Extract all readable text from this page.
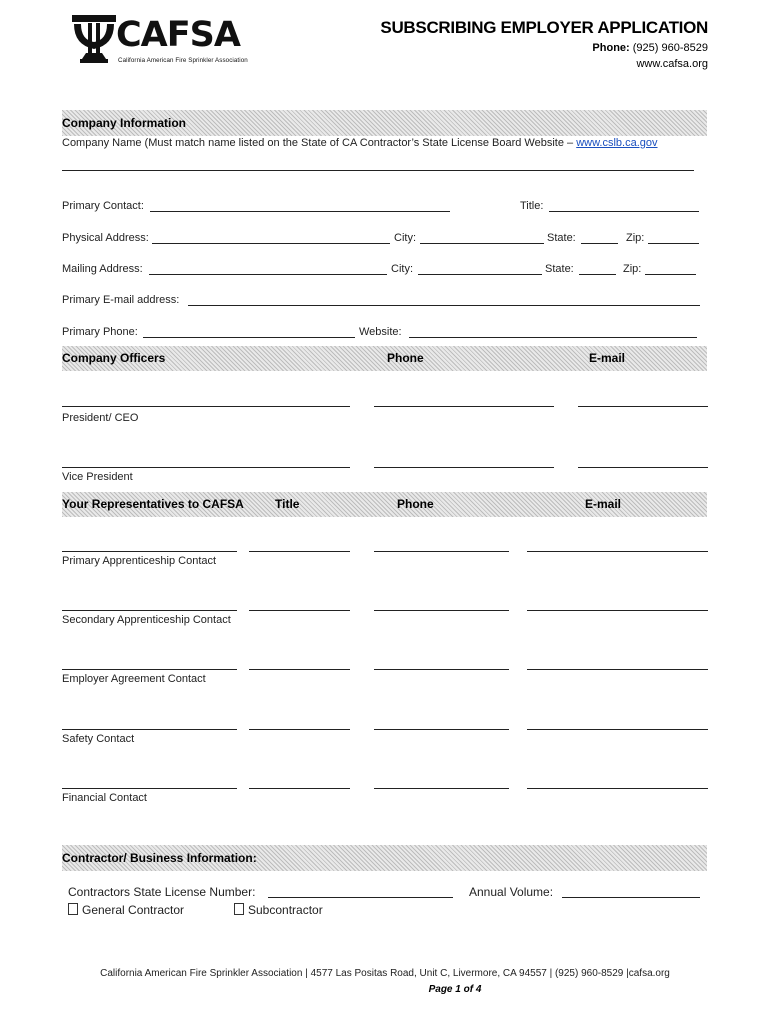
CAFSA
California American Fire Sprinkler Association
SUBSCRIBING EMPLOYER APPLICATION
Phone: (925) 960-8529
www.cafsa.org
Company Information
Company Name (Must match name listed on the State of CA Contractor’s State License Board Website – www.cslb.ca.gov
Primary Contact:	Title:
Physical Address:	City:	State:	Zip:
Mailing Address:	City:	State:	Zip:
Primary E-mail address:
Primary Phone:	Website:
Company Officers	Phone	E-mail
President/ CEO
Vice President
Your Representatives to CAFSA	Title	Phone	E-mail
Primary Apprenticeship Contact
Secondary Apprenticeship Contact
Employer Agreement Contact
Safety Contact
Financial Contact
Contractor/ Business Information:
Contractors State License Number:	Annual Volume:
General Contractor	Subcontractor
California American Fire Sprinkler Association | 4577 Las Positas Road, Unit C, Livermore, CA 94557 | (925) 960-8529 |cafsa.org
Page 1 of 4
